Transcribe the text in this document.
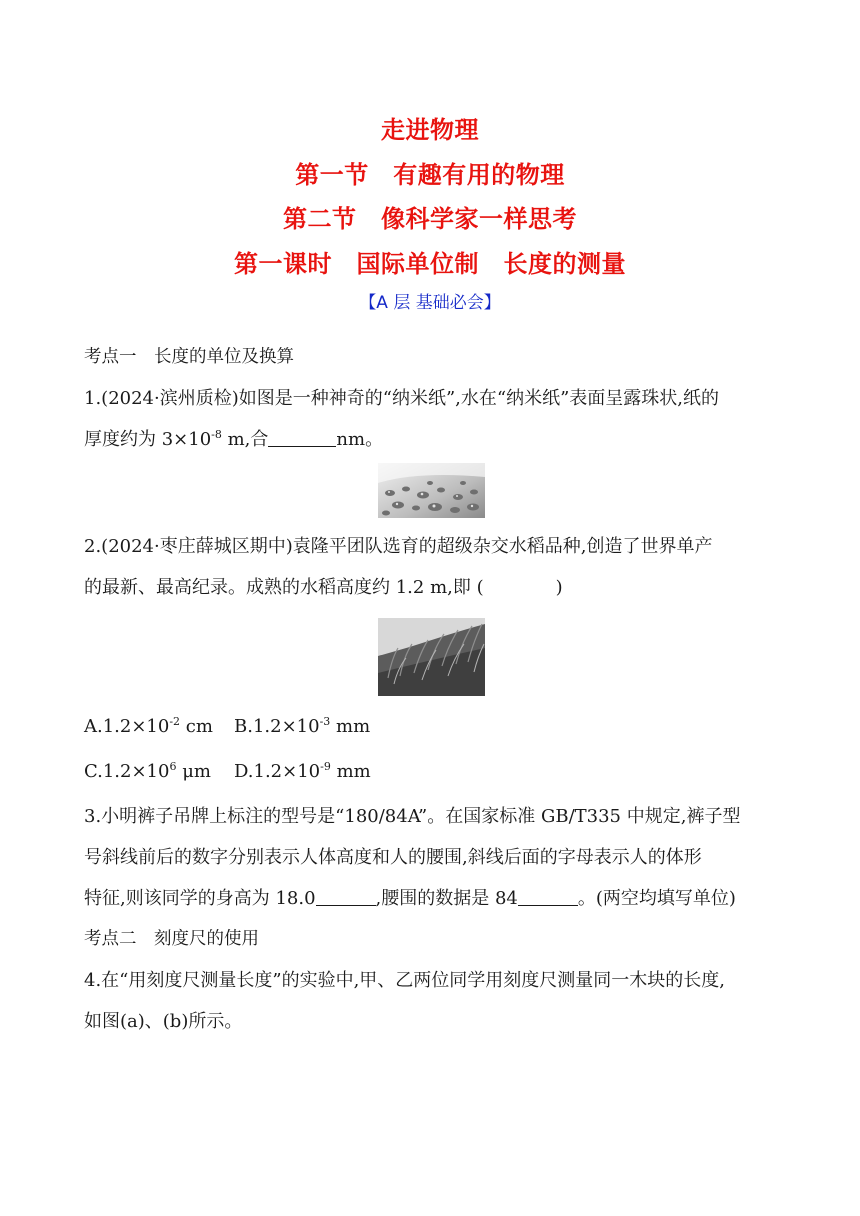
走进物理
第一节　有趣有用的物理
第二节　像科学家一样思考
第一课时　国际单位制　长度的测量
【A 层 基础必会】
考点一　长度的单位及换算
1.(2024·滨州质检)如图是一种神奇的“纳米纸”,水在“纳米纸”表面呈露珠状,纸的
厚度约为 $3\times 10^{-8}$ m,合	nm。
2.(2024·枣庄薛城区期中)袁隆平团队选育的超级杂交水稻品种,创造了世界单产
的最新、最高纪录。成熟的水稻高度约 1.2 m,即 (　　　　)
$A.1.2\times 10^{-2}$ cm $B.1.2\times 10^{-3}$ mm
$C.1.2\times 10^6$ μm $D.1.2\times 10^{-9}$ mm
3.小明裤子吊牌上标注的型号是“180/84A”。在国家标准 GB/T335 中规定,裤子型
号斜线前后的数字分别表示人体高度和人的腰围,斜线后面的字母表示人的体形
特征,则该同学的身高为 18.0	,腰围的数据是 84	。(两空均填写单位)
考点二　刻度尺的使用
4.在“用刻度尺测量长度”的实验中,甲、乙两位同学用刻度尺测量同一木块的长度,
如图(a)、(b)所示。
